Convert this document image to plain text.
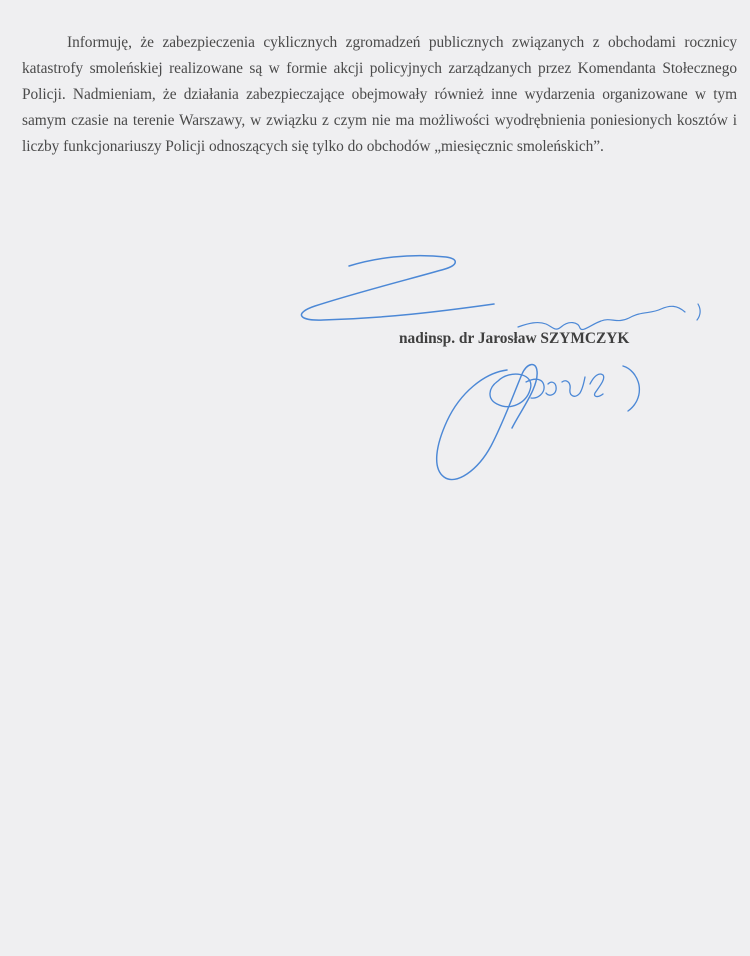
Informuję, że zabezpieczenia cyklicznych zgromadzeń publicznych związanych z obchodami rocznicy katastrofy smoleńskiej realizowane są w formie akcji policyjnych zarządzanych przez Komendanta Stołecznego Policji. Nadmieniam, że działania zabezpieczające obejmowały również inne wydarzenia organizowane w tym samym czasie na terenie Warszawy, w związku z czym nie ma możliwości wyodrębnienia poniesionych kosztów i liczby funkcjonariuszy Policji odnoszących się tylko do obchodów „miesięcznic smoleńskich”.

nadinsp. dr Jarosław SZYMCZYK
